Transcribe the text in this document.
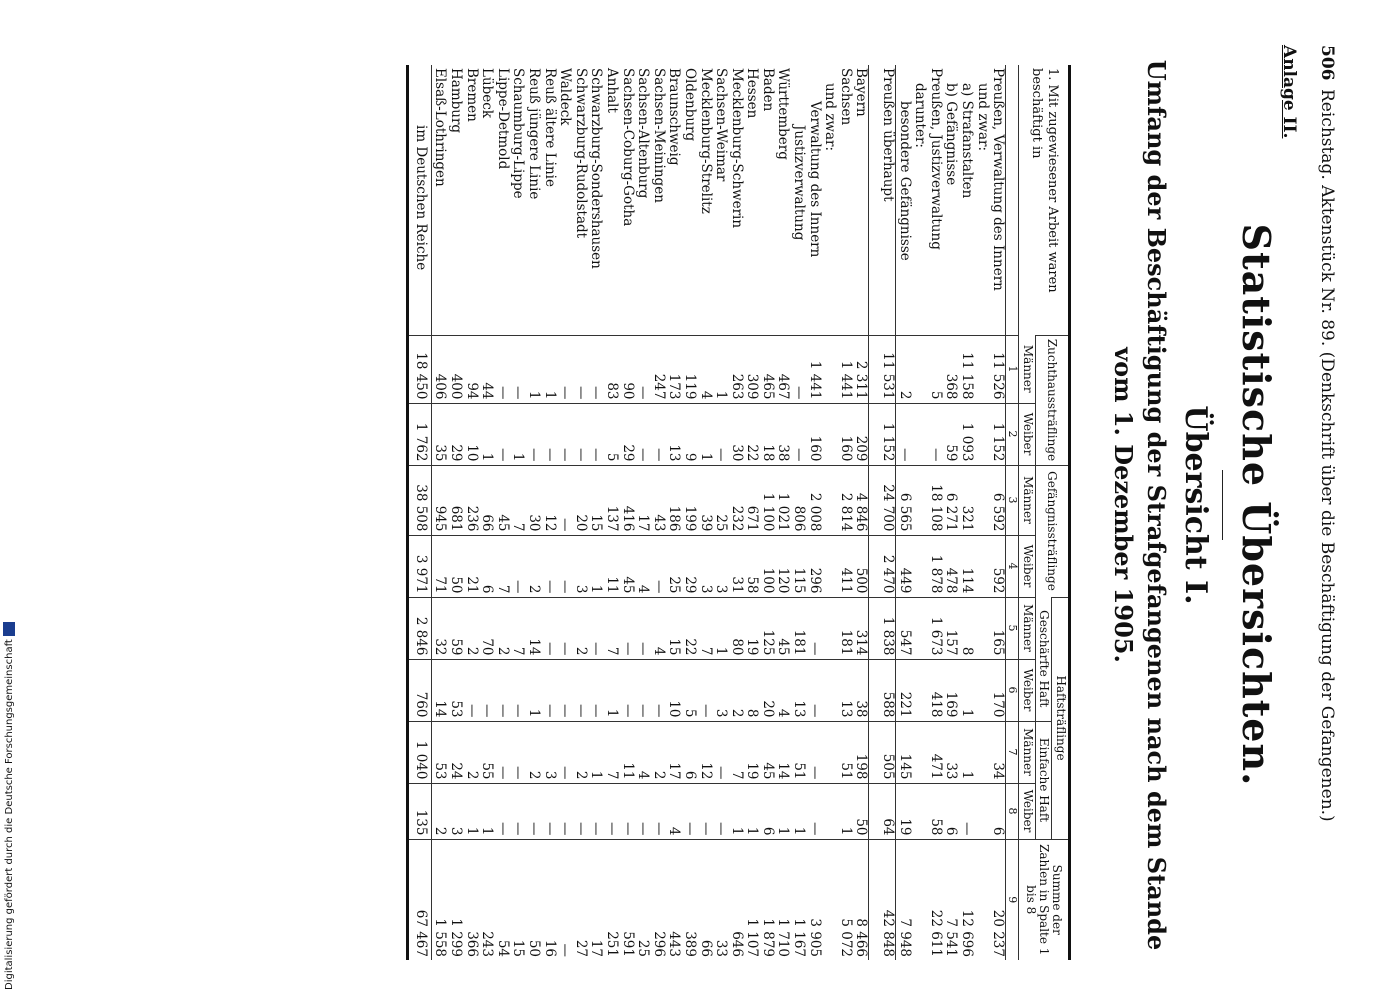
506
Reichstag. Aktenstück Nr. 89. (Denkschrift über die Beschäftigung der Gefangenen.)
Anlage II.
Statistische Übersichten.
Übersicht I.
Umfang der Beschäftigung der Strafgefangenen nach dem Stande
vom 1. Dezember 1905.
1. Mit zugewiesener Arbeit waren beschäftigt in	Zuchthaussträflinge		Gefängnissträflinge		Haftsträflinge				Summe der Zahlen in Spalte 1 bis 8
					Geschärfte Haft		Einfache Haft		
	Männer	Weiber	Männer	Weiber	Männer	Weiber	Männer	Weiber	
	1	2	3	4	5	6	7	8	9
Preußen, Verwaltung des Innern	11 526	1 152	6 592	592	165	170	34	6	20 237
und zwar:									
a) Strafanstalten	11 158	1 093	321	114	8	1	1	—	12 696
b) Gefängnisse	368	59	6 271	478	157	169	33	6	7 541
Preußen, Justizverwaltung	5	—	18 108	1 878	1 673	418	471	58	22 611
darunter:									
besondere Gefängnisse	2	—	6 565	449	547	221	145	19	7 948
Preußen überhaupt	11 531	1 152	24 700	2 470	1 838	588	505	64	42 848

Bayern	2 311	209	4 846	500	314	38	198	50	8 466
Sachsen	1 441	160	2 814	411	181	13	51	1	5 072
und zwar:									
Verwaltung des Innern	1 441	160	2 008	296	—	—	—	—	3 905
Justizverwaltung	—	—	806	115	181	13	51	1	1 167
Württemberg	467	38	1 021	120	45	4	14	1	1 710
Baden	465	18	1 100	100	125	20	45	6	1 879
Hessen	309	22	671	58	19	8	19	1	1 107
Mecklenburg-Schwerin	263	30	232	31	80	2	7	1	646
Sachsen-Weimar	1	—	25	3	1	3	—	—	33
Mecklenburg-Strelitz	4	1	39	3	7	—	12	—	66
Oldenburg	119	9	199	29	22	5	6	—	389
Braunschweig	173	13	186	25	15	10	17	4	443
Sachsen-Meiningen	247	—	43	—	4	—	2	—	296
Sachsen-Altenburg	—	—	17	4	—	—	4	—	25
Sachsen-Coburg-Gotha	90	29	416	45	—	—	11	—	591
Anhalt	83	5	137	11	7	1	7	—	251
Schwarzburg-Sondershausen	—	—	15	1	—	—	1	—	17
Schwarzburg-Rudolstadt	—	—	20	3	2	—	2	—	27
Waldeck	—	—	—	—	—	—	—	—	—
Reuß ältere Linie	1	—	12	—	—	—	3	—	16
Reuß jüngere Linie	1	—	30	2	14	1	2	—	50
Schaumburg-Lippe	—	1	7	—	7	—	—	—	15
Lippe-Detmold	—	—	45	7	2	—	—	—	54
Lübeck	44	1	66	6	70	—	55	1	243
Bremen	94	10	236	21	2	—	2	1	366
Hamburg	400	29	681	50	59	53	24	3	1 299
Elsaß-Lothringen	406	35	945	71	32	14	53	2	1 558
im Deutschen Reiche	18 450	1 762	38 508	3 971	2 846	760	1 040	135	67 467
Digitalisierung gefördert durch die Deutsche Forschungsgemeinschaft
